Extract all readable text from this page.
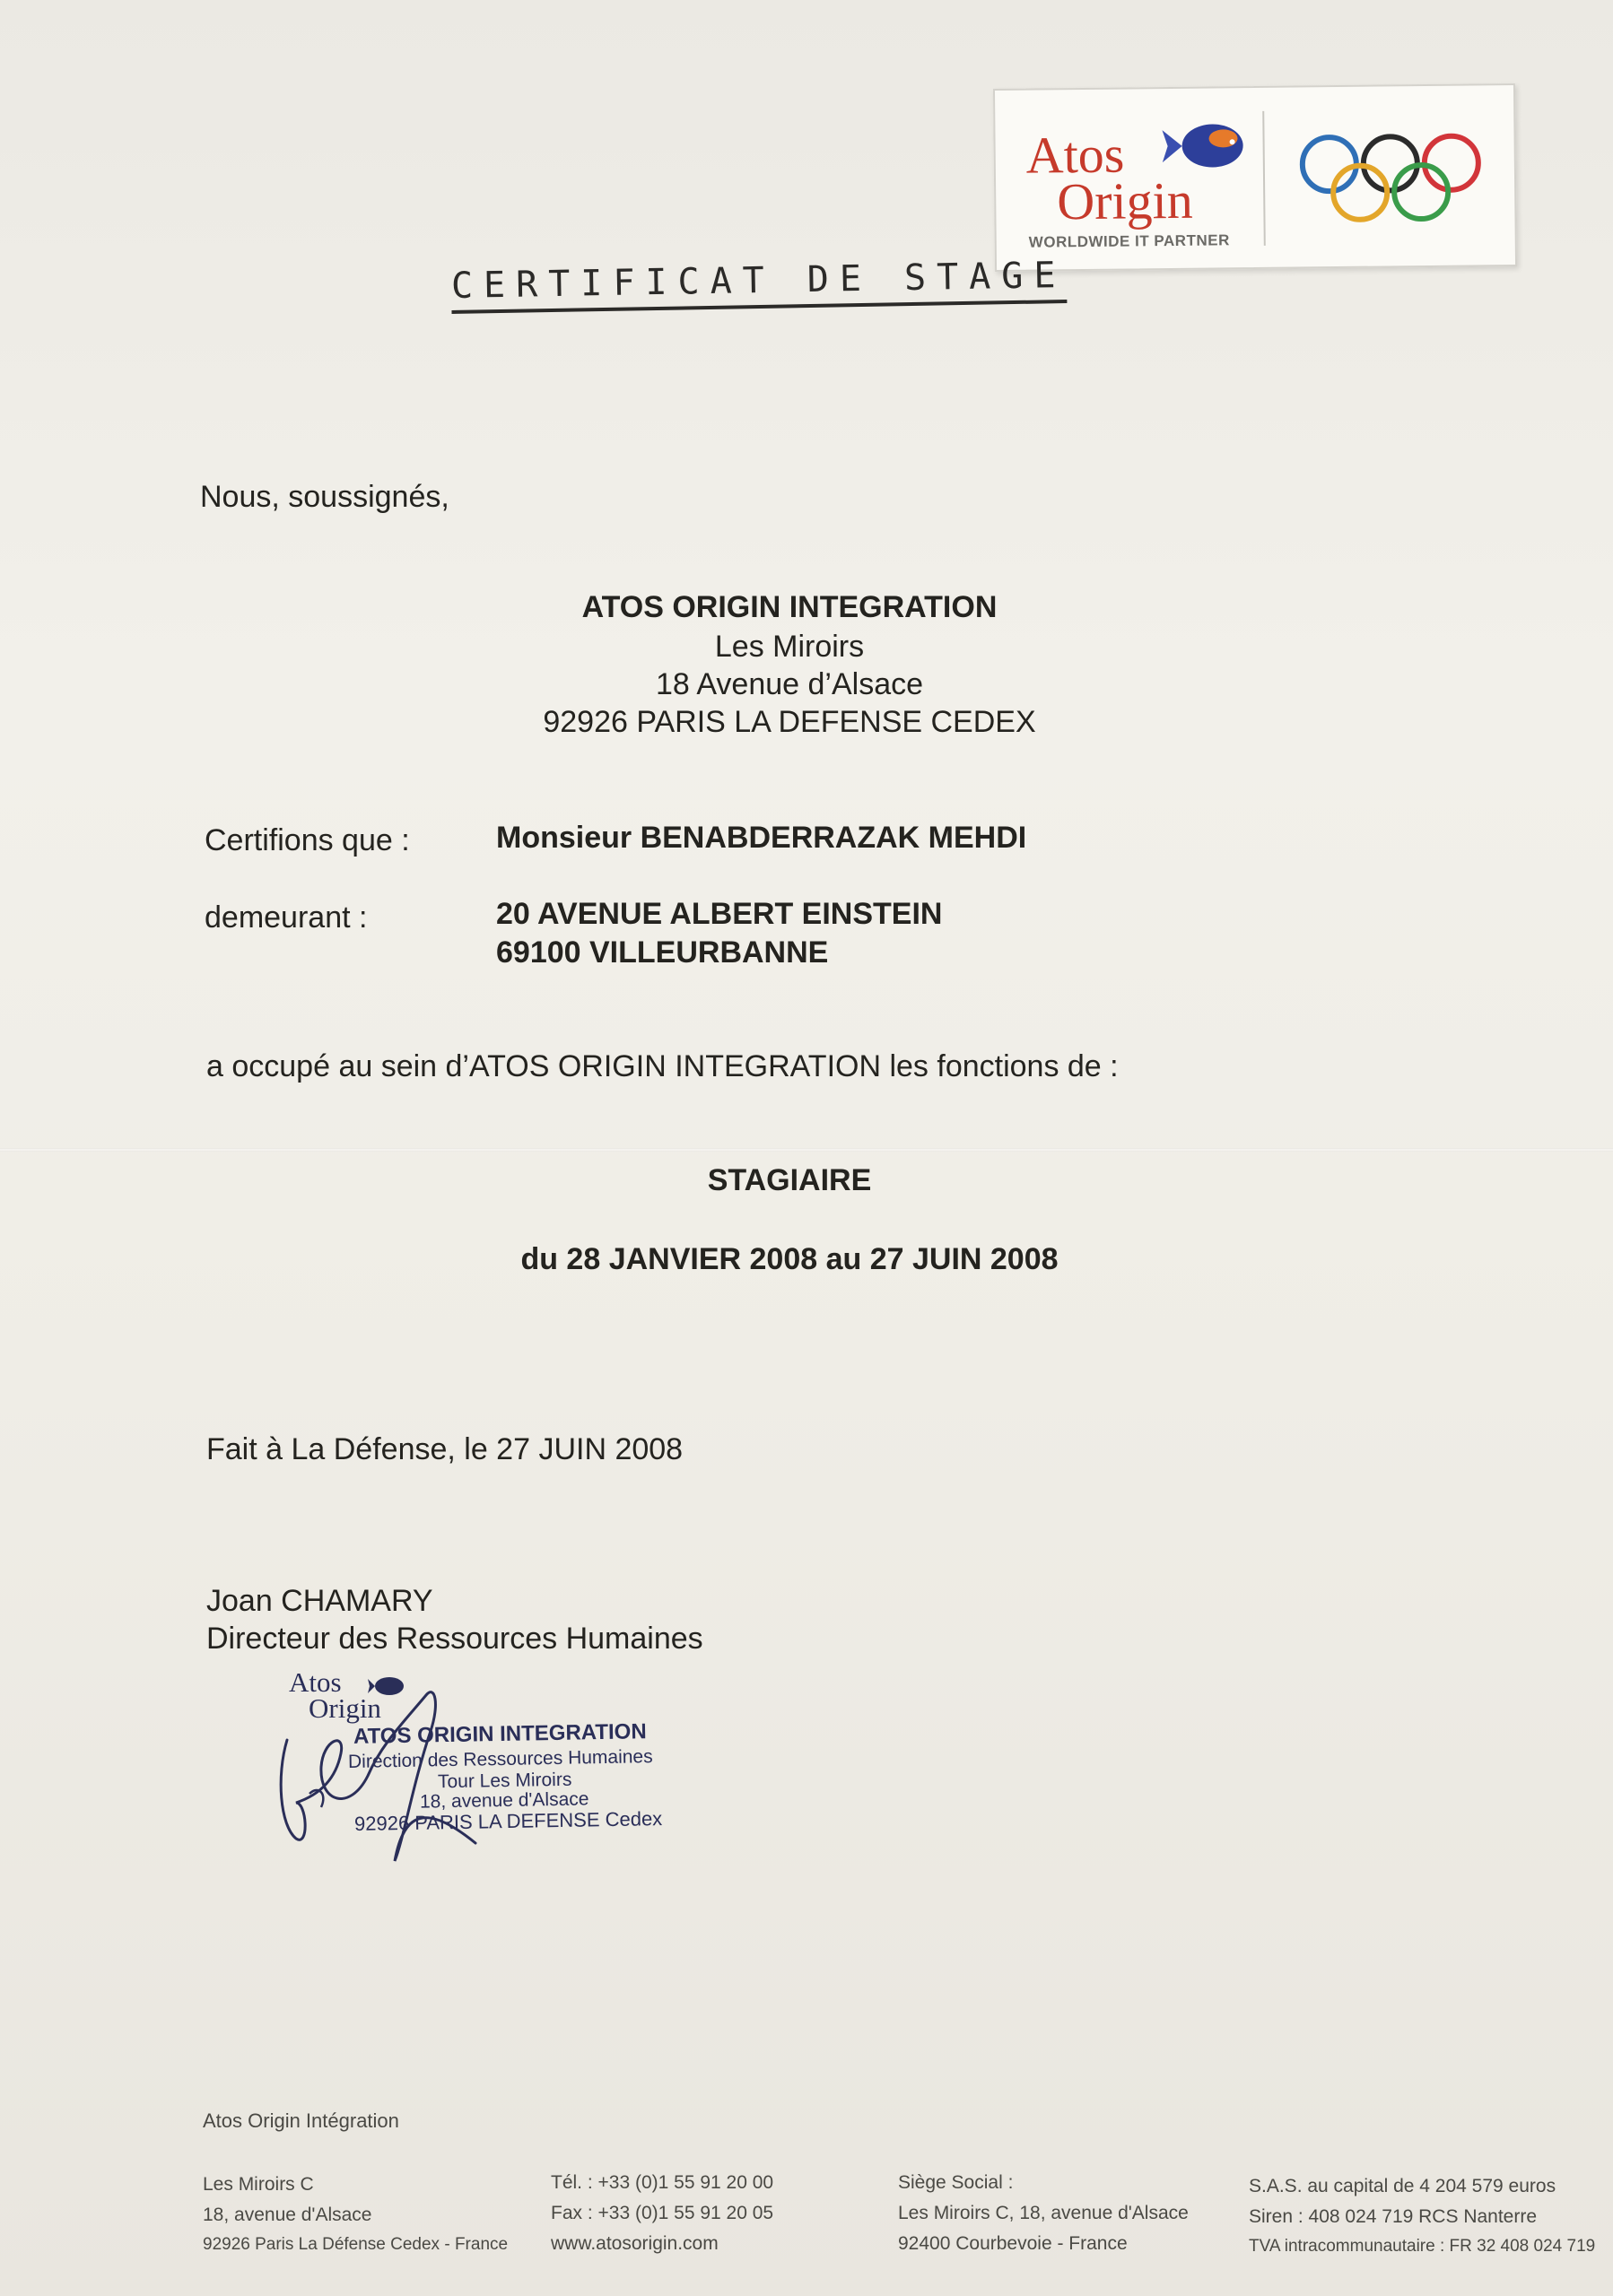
Atos
Origin
WORLDWIDE IT PARTNER
CERTIFICAT DE STAGE
Nous, soussignés,
ATOS ORIGIN INTEGRATION
Les Miroirs
18 Avenue d’Alsace
92926 PARIS LA DEFENSE CEDEX
Certifions que :	Monsieur BENABDERRAZAK MEHDI
demeurant :	20 AVENUE ALBERT EINSTEIN
69100 VILLEURBANNE
a occupé au sein d’ATOS ORIGIN INTEGRATION les fonctions de :
STAGIAIRE
du 28 JANVIER 2008 au 27 JUIN 2008
Fait à La Défense, le 27 JUIN 2008
Joan CHAMARY
Directeur des Ressources Humaines
Atos
Origin
ATOS ORIGIN INTEGRATION
Direction des Ressources Humaines
Tour Les Miroirs
18, avenue d'Alsace
92926 PARIS LA DEFENSE Cedex
Atos Origin Intégration
Les Miroirs C
18, avenue d'Alsace
92926 Paris La Défense Cedex - France
Tél. : +33 (0)1 55 91 20 00
Fax : +33 (0)1 55 91 20 05
www.atosorigin.com
Siège Social :
Les Miroirs C, 18, avenue d'Alsace
92400 Courbevoie - France
S.A.S. au capital de 4 204 579 euros
Siren : 408 024 719 RCS Nanterre
TVA intracommunautaire : FR 32 408 024 719
